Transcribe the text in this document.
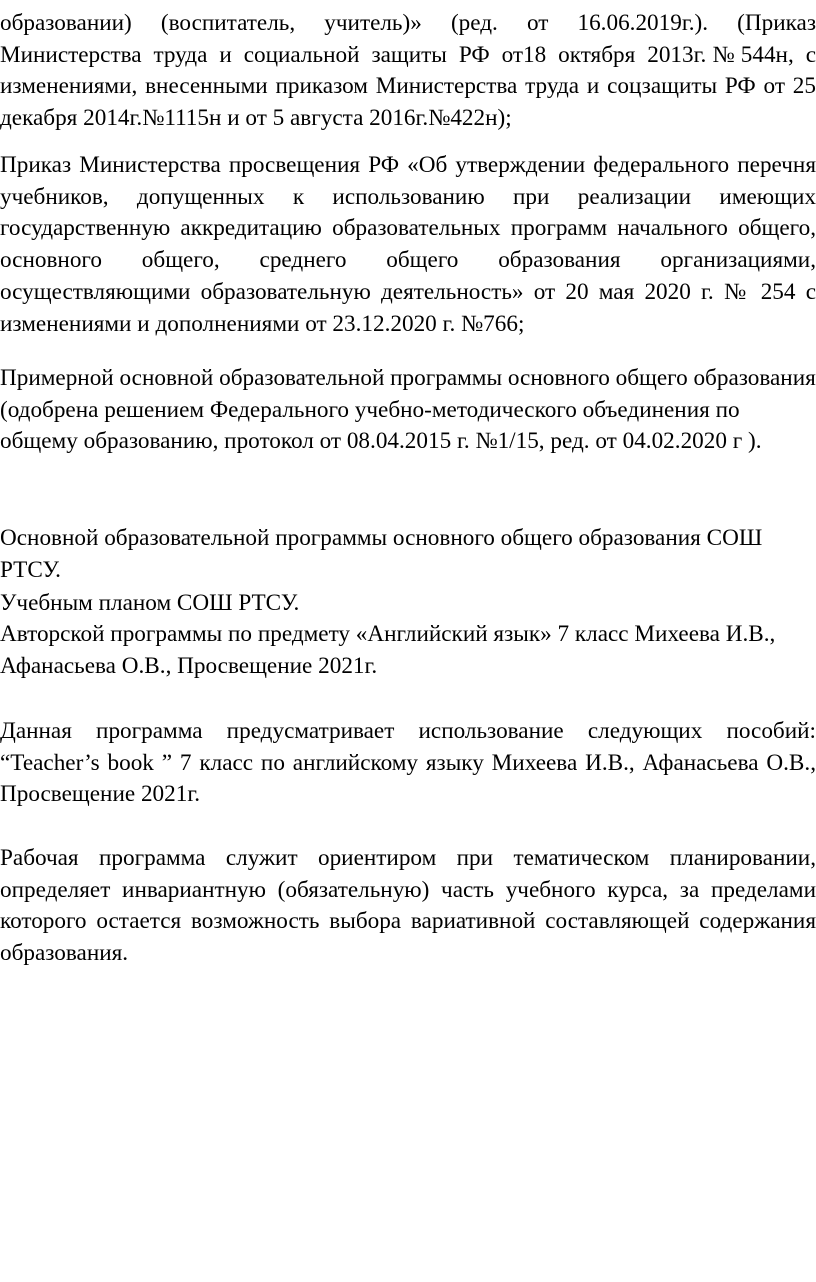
образовании) (воспитатель, учитель)» (ред. от 16.06.2019г.). (Приказ Министерства труда и социальной защиты РФ от18 октября 2013г.№544н, с изменениями, внесенными приказом Министерства труда и соцзащиты РФ от 25 декабря 2014г.№1115н и от 5 августа 2016г.№422н);

Приказ Министерства просвещения РФ «Об утверждении федерального перечня учебников, допущенных к использованию при реализации имеющих государственную аккредитацию образовательных программ начального общего, основного общего, среднего общего образования организациями, осуществляющими образовательную деятельность» от 20 мая 2020 г. № 254 с изменениями и дополнениями от 23.12.2020 г. №766;

Примерной основной образовательной программы основного общего образования (одобрена решением Федерального учебно-методического объединения по общему образованию, протокол от 08.04.2015 г. №1/15, ред. от 04.02.2020 г ).

Основной образовательной программы основного общего образования СОШ РТСУ.

Учебным планом СОШ РТСУ.

Авторской программы по предмету «Английский язык» 7 класс Михеева И.В., Афанасьева О.В., Просвещение 2021г.

Данная программа предусматривает использование следующих пособий: “Teacher’s book ” 7 класс по английскому языку Михеева И.В., Афанасьева О.В., Просвещение 2021г.

Рабочая программа служит ориентиром при тематическом планировании, определяет инвариантную (обязательную) часть учебного курса, за пределами которого остается возможность выбора вариативной составляющей содержания образования.
